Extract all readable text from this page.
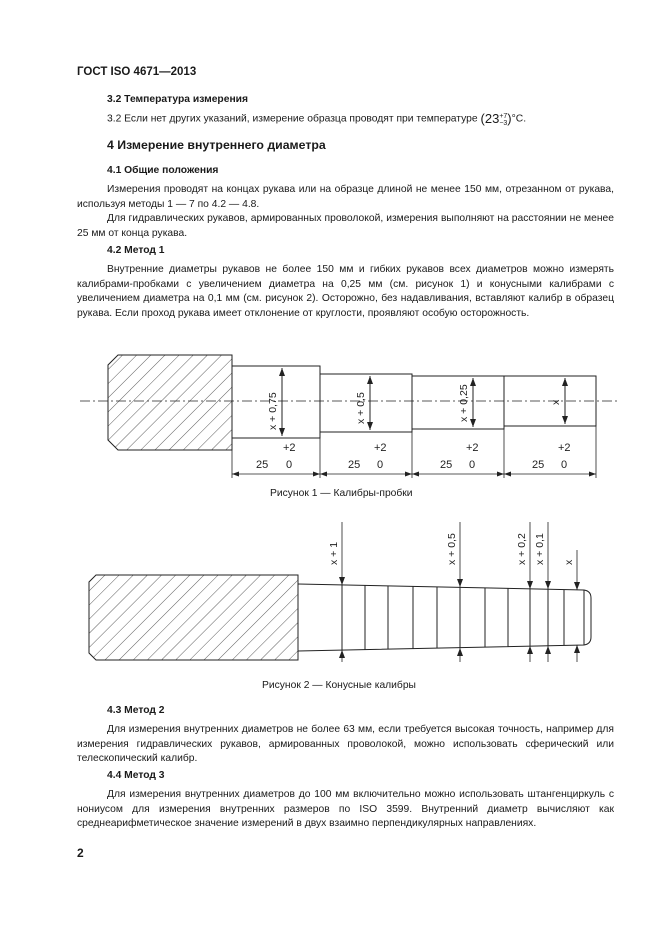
ГОСТ ISO 4671—2013
3.2 Температура измерения
3.2 Если нет других указаний, измерение образца проводят при температуре (23 +7
−3 )°C.
4 Измерение внутреннего диаметра
4.1 Общие положения
Измерения проводят на концах рукава или на образце длиной не менее 150 мм, отрезанном от рукава, используя методы 1 — 7 по 4.2 — 4.8.
Для гидравлических рукавов, армированных проволокой, измерения выполняют на расстоянии не менее 25 мм от конца рукава.
4.2 Метод 1
Внутренние диаметры рукавов не более 150 мм и гибких рукавов всех диаметров можно измерять калибрами-пробками с увеличением диаметра на 0,25 мм (см. рисунок 1) и конусными калибрами с увеличением диаметра на 0,1 мм (см. рисунок 2). Осторожно, без надавливания, вставляют калибр в образец рукава. Если проход рукава имеет отклонение от круглости, проявляют особую осторожность.
x + 0,75	x + 0,5	x + 0,25	x
25
+2
0	25
+2
0	25
+2
0	25
+2
0
Рисунок 1 — Калибры-пробки
x + 1	x + 0,5	x + 0,2 x + 0,1 x
Рисунок 2 — Конусные калибры
4.3 Метод 2
Для измерения внутренних диаметров не более 63 мм, если требуется высокая точность, например для измерения гидравлических рукавов, армированных проволокой, можно использовать сферический или телескопический калибр.
4.4 Метод 3
Для измерения внутренних диаметров до 100 мм включительно можно использовать штангенциркуль с нониусом для измерения внутренних размеров по ISO 3599. Внутренний диаметр вычисляют как среднеарифметическое значение измерений в двух взаимно перпендикулярных направлениях.
2
